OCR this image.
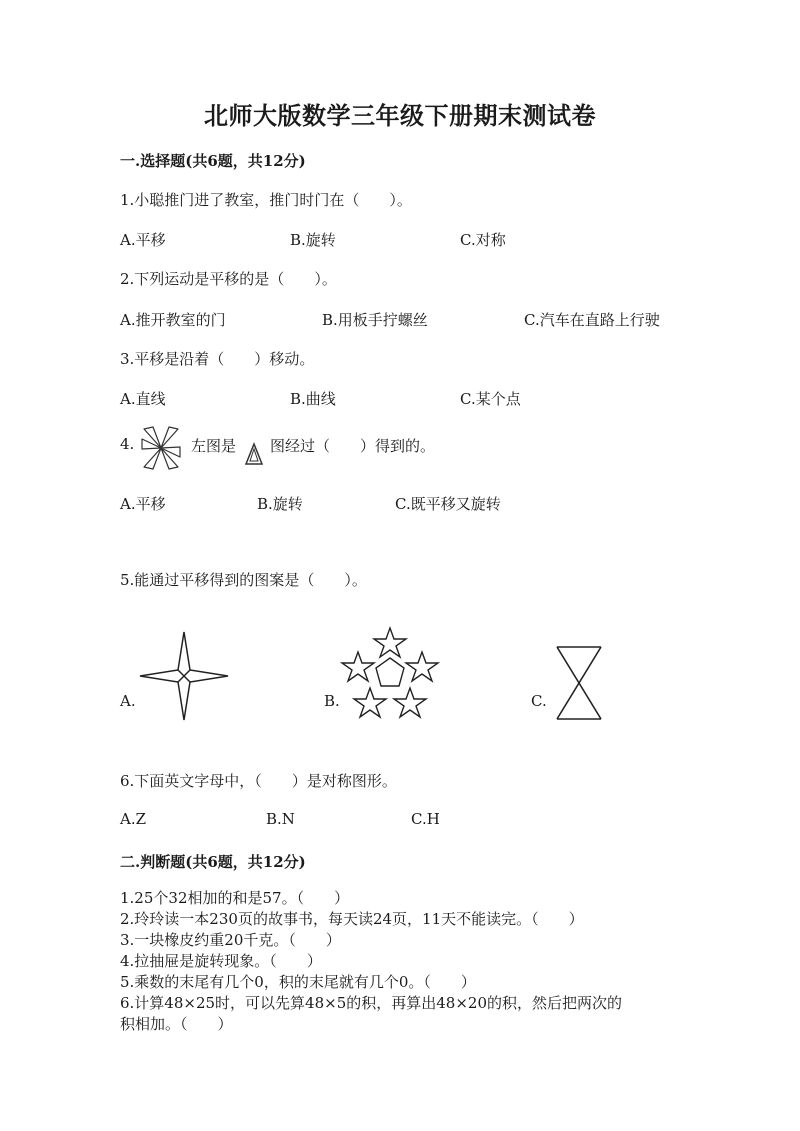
北师大版数学三年级下册期末测试卷
一.选择题(共6题，共12分)
1.小聪推门进了教室，推门时门在（　　）。
A.平移	B.旋转	C.对称
2.下列运动是平移的是（　　）。
A.推开教室的门	B.用板手拧螺丝	C.汽车在直路上行驶
3.平移是沿着（　　）移动。
A.直线	B.曲线	C.某个点
4.	左图是 图经过（　　）得到的。
A.平移	B.旋转	C.既平移又旋转
5.能通过平移得到的图案是（　　）。
A.	B.	C.
6.下面英文字母中，（　　）是对称图形。
A.Z	B.N	C.H
二.判断题(共6题，共12分)
1.25个32相加的和是57。（　　）
2.玲玲读一本230页的故事书，每天读24页，11天不能读完。（　　）
3.一块橡皮约重20千克。（　　）
4.拉抽屉是旋转现象。（　　）
5.乘数的末尾有几个0，积的末尾就有几个0。（　　）
6.计算48×25时，可以先算48×5的积，再算出48×20的积，然后把两次的
积相加。（　　）
